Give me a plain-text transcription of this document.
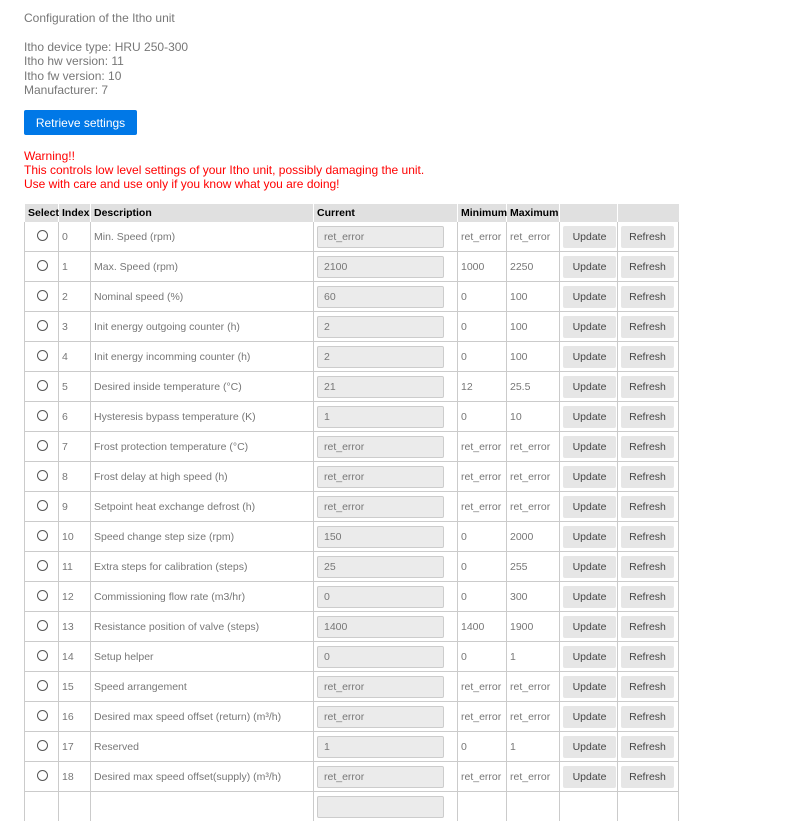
Configuration of the Itho unit
Itho device type: HRU 250-300
Itho hw version: 11
Itho fw version: 10
Manufacturer: 7
Retrieve settings
Warning!!
This controls low level settings of your Itho unit, possibly damaging the unit.
Use with care and use only if you know what you are doing!
Select	Index	Description	Current	Minimum	Maximum		
	0	Min. Speed (rpm)	ret_error	ret_error	ret_error	Update	Refresh

	1	Max. Speed (rpm)	2100	1000	2250	Update	Refresh

	2	Nominal speed (%)	60	0	100	Update	Refresh

	3	Init energy outgoing counter (h)	2	0	100	Update	Refresh

	4	Init energy incomming counter (h)	2	0	100	Update	Refresh

	5	Desired inside temperature (°C)	21	12	25.5	Update	Refresh

	6	Hysteresis bypass temperature (K)	1	0	10	Update	Refresh

	7	Frost protection temperature (°C)	ret_error	ret_error	ret_error	Update	Refresh

	8	Frost delay at high speed (h)	ret_error	ret_error	ret_error	Update	Refresh

	9	Setpoint heat exchange defrost (h)	ret_error	ret_error	ret_error	Update	Refresh

	10	Speed change step size (rpm)	150	0	2000	Update	Refresh

	11	Extra steps for calibration (steps)	25	0	255	Update	Refresh

	12	Commissioning flow rate (m3/hr)	0	0	300	Update	Refresh

	13	Resistance position of valve (steps)	1400	1400	1900	Update	Refresh

	14	Setup helper	0	0	1	Update	Refresh

	15	Speed arrangement	ret_error	ret_error	ret_error	Update	Refresh

	16	Desired max speed offset (return) (m³/h)	ret_error	ret_error	ret_error	Update	Refresh

	17	Reserved	1	0	1	Update	Refresh

	18	Desired max speed offset(supply) (m³/h)	ret_error	ret_error	ret_error	Update	Refresh
